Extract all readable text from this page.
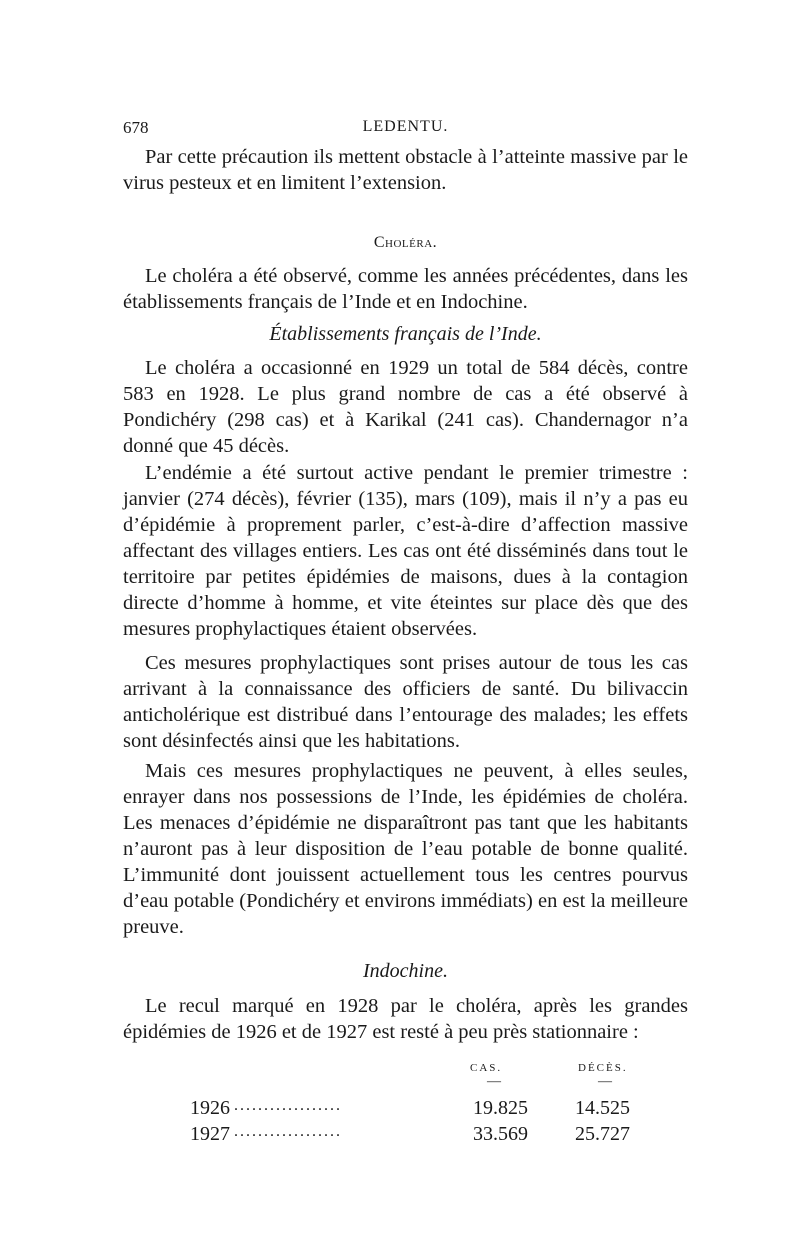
678	LEDENTU.

Par cette précaution ils mettent obstacle à l’atteinte massive par le virus pesteux et en limitent l’extension.

Choléra.

Le choléra a été observé, comme les années précédentes, dans les établissements français de l’Inde et en Indochine.

Établissements français de l’Inde.

Le choléra a occasionné en 1929 un total de 584 décès, contre 583 en 1928. Le plus grand nombre de cas a été observé à Pondichéry (298 cas) et à Karikal (241 cas). Chandernagor n’a donné que 45 décès.

L’endémie a été surtout active pendant le premier trimestre : janvier (274 décès), février (135), mars (109), mais il n’y a pas eu d’épidémie à proprement parler, c’est-à-dire d’affection massive affectant des villages entiers. Les cas ont été disséminés dans tout le territoire par petites épidémies de maisons, dues à la contagion directe d’homme à homme, et vite éteintes sur place dès que des mesures prophylactiques étaient observées.

Ces mesures prophylactiques sont prises autour de tous les cas arrivant à la connaissance des officiers de santé. Du bilivaccin anticholérique est distribué dans l’entourage des malades; les effets sont désinfectés ainsi que les habitations.

Mais ces mesures prophylactiques ne peuvent, à elles seules, enrayer dans nos possessions de l’Inde, les épidémies de choléra. Les menaces d’épidémie ne disparaîtront pas tant que les habitants n’auront pas à leur disposition de l’eau potable de bonne qualité. L’immunité dont jouissent actuellement tous les centres pourvus d’eau potable (Pondichéry et environs immédiats) en est la meilleure preuve.

Indochine.

Le recul marqué en 1928 par le choléra, après les grandes épidémies de 1926 et de 1927 est resté à peu près stationnaire :

CAS.	DÉCÈS.
—	—
1926 ..................	19.825 14.525
1927 ..................	33.569 25.727
